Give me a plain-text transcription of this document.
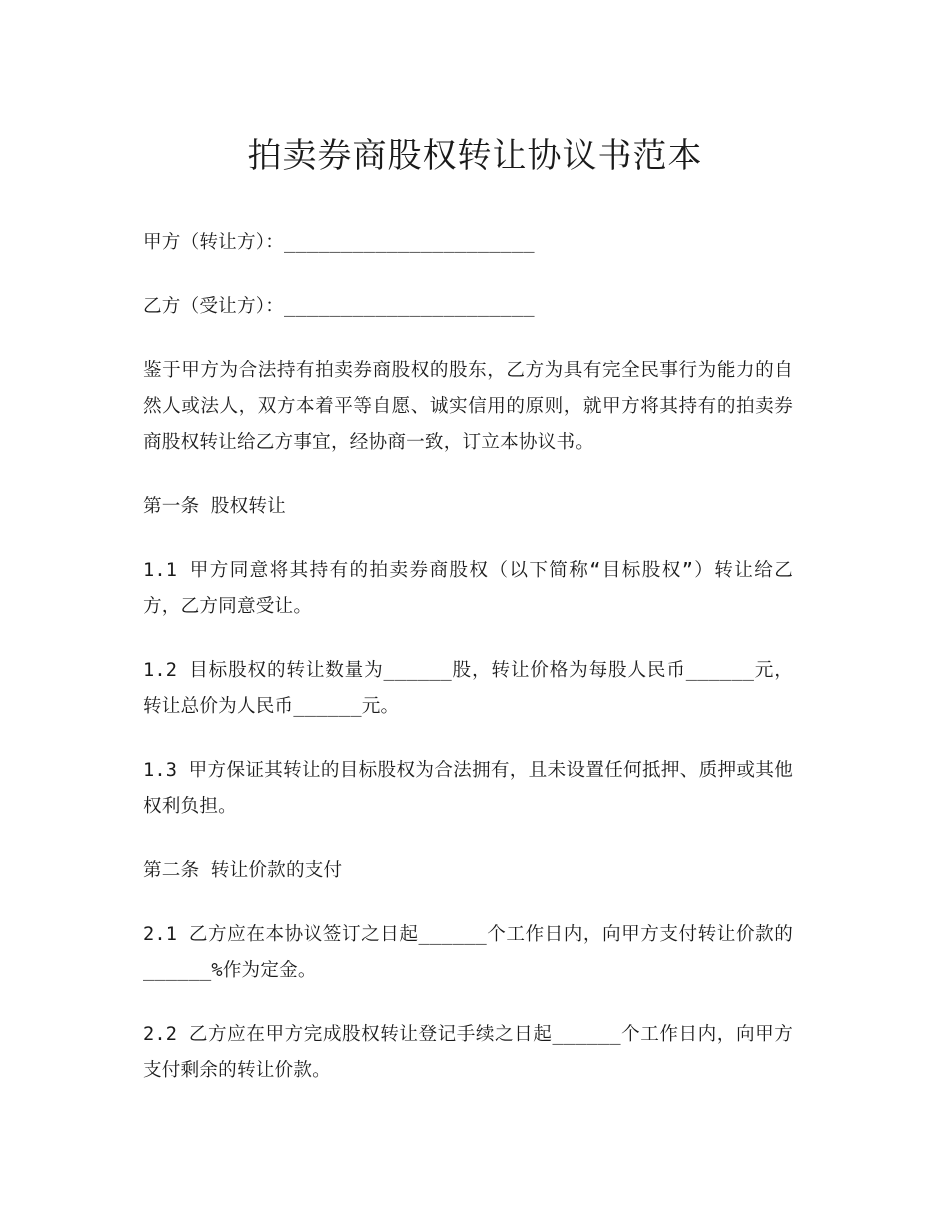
拍卖券商股权转让协议书范本

甲方（转让方）：______________________

乙方（受让方）：______________________

鉴于甲方为合法持有拍卖券商股权的股东，乙方为具有完全民事行为能力的自然人或法人，双方本着平等自愿、诚实信用的原则，就甲方将其持有的拍卖券商股权转让给乙方事宜，经协商一致，订立本协议书。

第一条 股权转让

1.1 甲方同意将其持有的拍卖券商股权（以下简称“目标股权”）转让给乙方，乙方同意受让。

1.2 目标股权的转让数量为______股，转让价格为每股人民币______元，转让总价为人民币______元。

1.3 甲方保证其转让的目标股权为合法拥有，且未设置任何抵押、质押或其他权利负担。

第二条 转让价款的支付

2.1 乙方应在本协议签订之日起______个工作日内，向甲方支付转让价款的______%作为定金。

2.2 乙方应在甲方完成股权转让登记手续之日起______个工作日内，向甲方支付剩余的转让价款。
